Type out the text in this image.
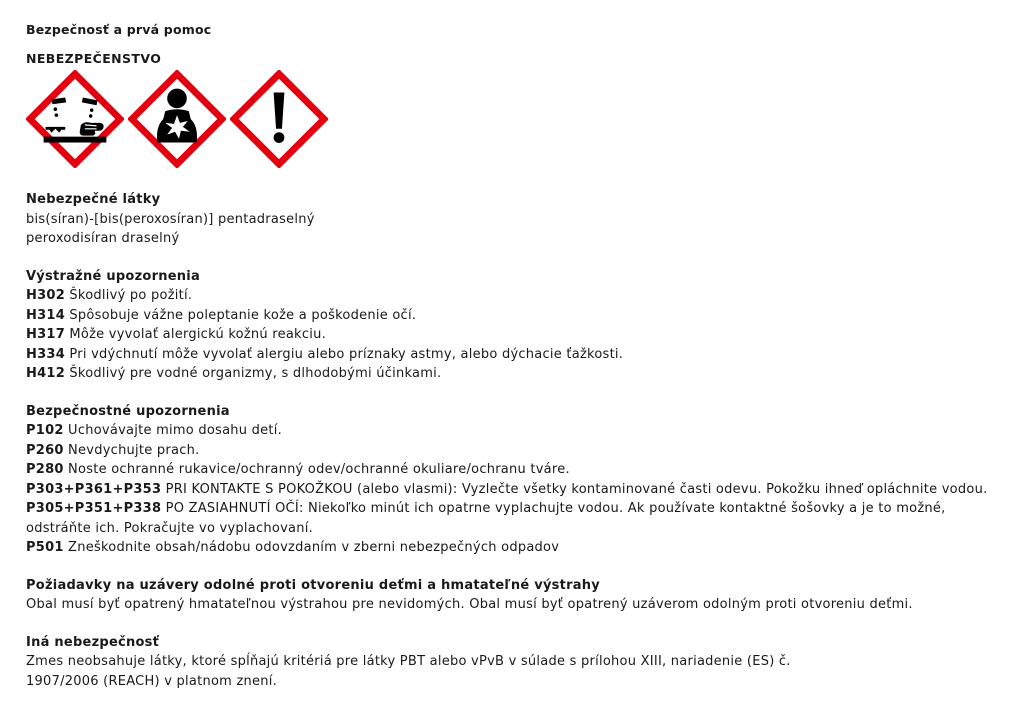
Bezpečnosť a prvá pomoc
NEBEZPEČENSTVO
Nebezpečné látky

bis(síran)-[bis(peroxosíran)] pentadraselný

peroxodisíran draselný

Výstražné upozornenia

H302 Škodlivý po požití.

H314 Spôsobuje vážne poleptanie kože a poškodenie očí.

H317 Môže vyvolať alergickú kožnú reakciu.

H334 Pri vdýchnutí môže vyvolať alergiu alebo príznaky astmy, alebo dýchacie ťažkosti.

H412 Škodlivý pre vodné organizmy, s dlhodobými účinkami.

Bezpečnostné upozornenia

P102 Uchovávajte mimo dosahu detí.

P260 Nevdychujte prach.

P280 Noste ochranné rukavice/ochranný odev/ochranné okuliare/ochranu tváre.

P303+P361+P353 PRI KONTAKTE S POKOŽKOU (alebo vlasmi): Vyzlečte všetky kontaminované časti odevu. Pokožku ihneď opláchnite vodou.

P305+P351+P338 PO ZASIAHNUTÍ OČÍ: Niekoľko minút ich opatrne vyplachujte vodou. Ak používate kontaktné šošovky a je to možné, odstráňte ich. Pokračujte vo vyplachovaní.

P501 Zneškodnite obsah/nádobu odovzdaním v zberni nebezpečných odpadov

Požiadavky na uzávery odolné proti otvoreniu deťmi a hmatateľné výstrahy

Obal musí byť opatrený hmatateľnou výstrahou pre nevidomých. Obal musí byť opatrený uzáverom odolným proti otvoreniu deťmi.

Iná nebezpečnosť

Zmes neobsahuje látky, ktoré spĺňajú kritériá pre látky PBT alebo vPvB v súlade s prílohou XIII, nariadenie (ES) č.

1907/2006 (REACH) v platnom znení.
